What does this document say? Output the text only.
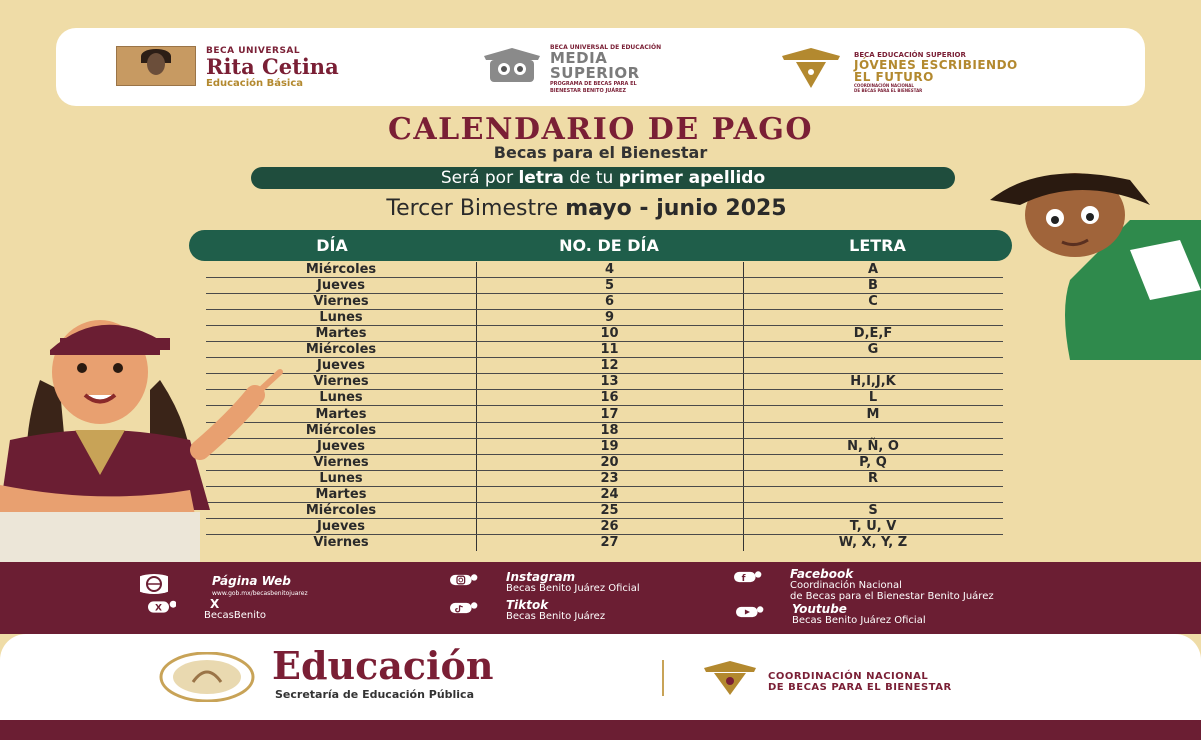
BECA UNIVERSAL
Rita Cetina
Educación Básica
BECA UNIVERSAL DE EDUCACIÓN
MEDIA
SUPERIOR
PROGRAMA DE BECAS PARA EL
BIENESTAR BENITO JUÁREZ
BECA EDUCACIÓN SUPERIOR
JÓVENES ESCRIBIENDO
EL FUTURO
COORDINACIÓN NACIONAL
DE BECAS PARA EL BIENESTAR
CALENDARIO DE PAGO
Becas para el Bienestar
Será por letra de tu primer apellido
Tercer Bimestre mayo - junio 2025
DÍA	NO. DE DÍA	LETRA
Miércoles	4	A
Jueves	5	B
Viernes	6	C
Lunes	9
Martes	10	D,E,F
Miércoles	11	G
Jueves	12
Viernes	13	H,I,J,K
Lunes	16	L
Martes	17	M
Miércoles	18
Jueves	19	N, Ñ, O
Viernes	20	P, Q
Lunes	23	R
Martes	24
Miércoles	25	S
Jueves	26	T, U, V
Viernes	27	W, X, Y, Z
Página Web
www.gob.mx/becasbenitojuarez
X	X
BecasBenito
Instagram
Becas Benito Juárez Oficial
Tiktok
Becas Benito Juárez
f	Facebook
Coordinación Nacional
de Becas para el Bienestar Benito Juárez
Youtube
Becas Benito Juárez Oficial
Educación
Secretaría de Educación Pública
COORDINACIÓN NACIONAL
DE BECAS PARA EL BIENESTAR
